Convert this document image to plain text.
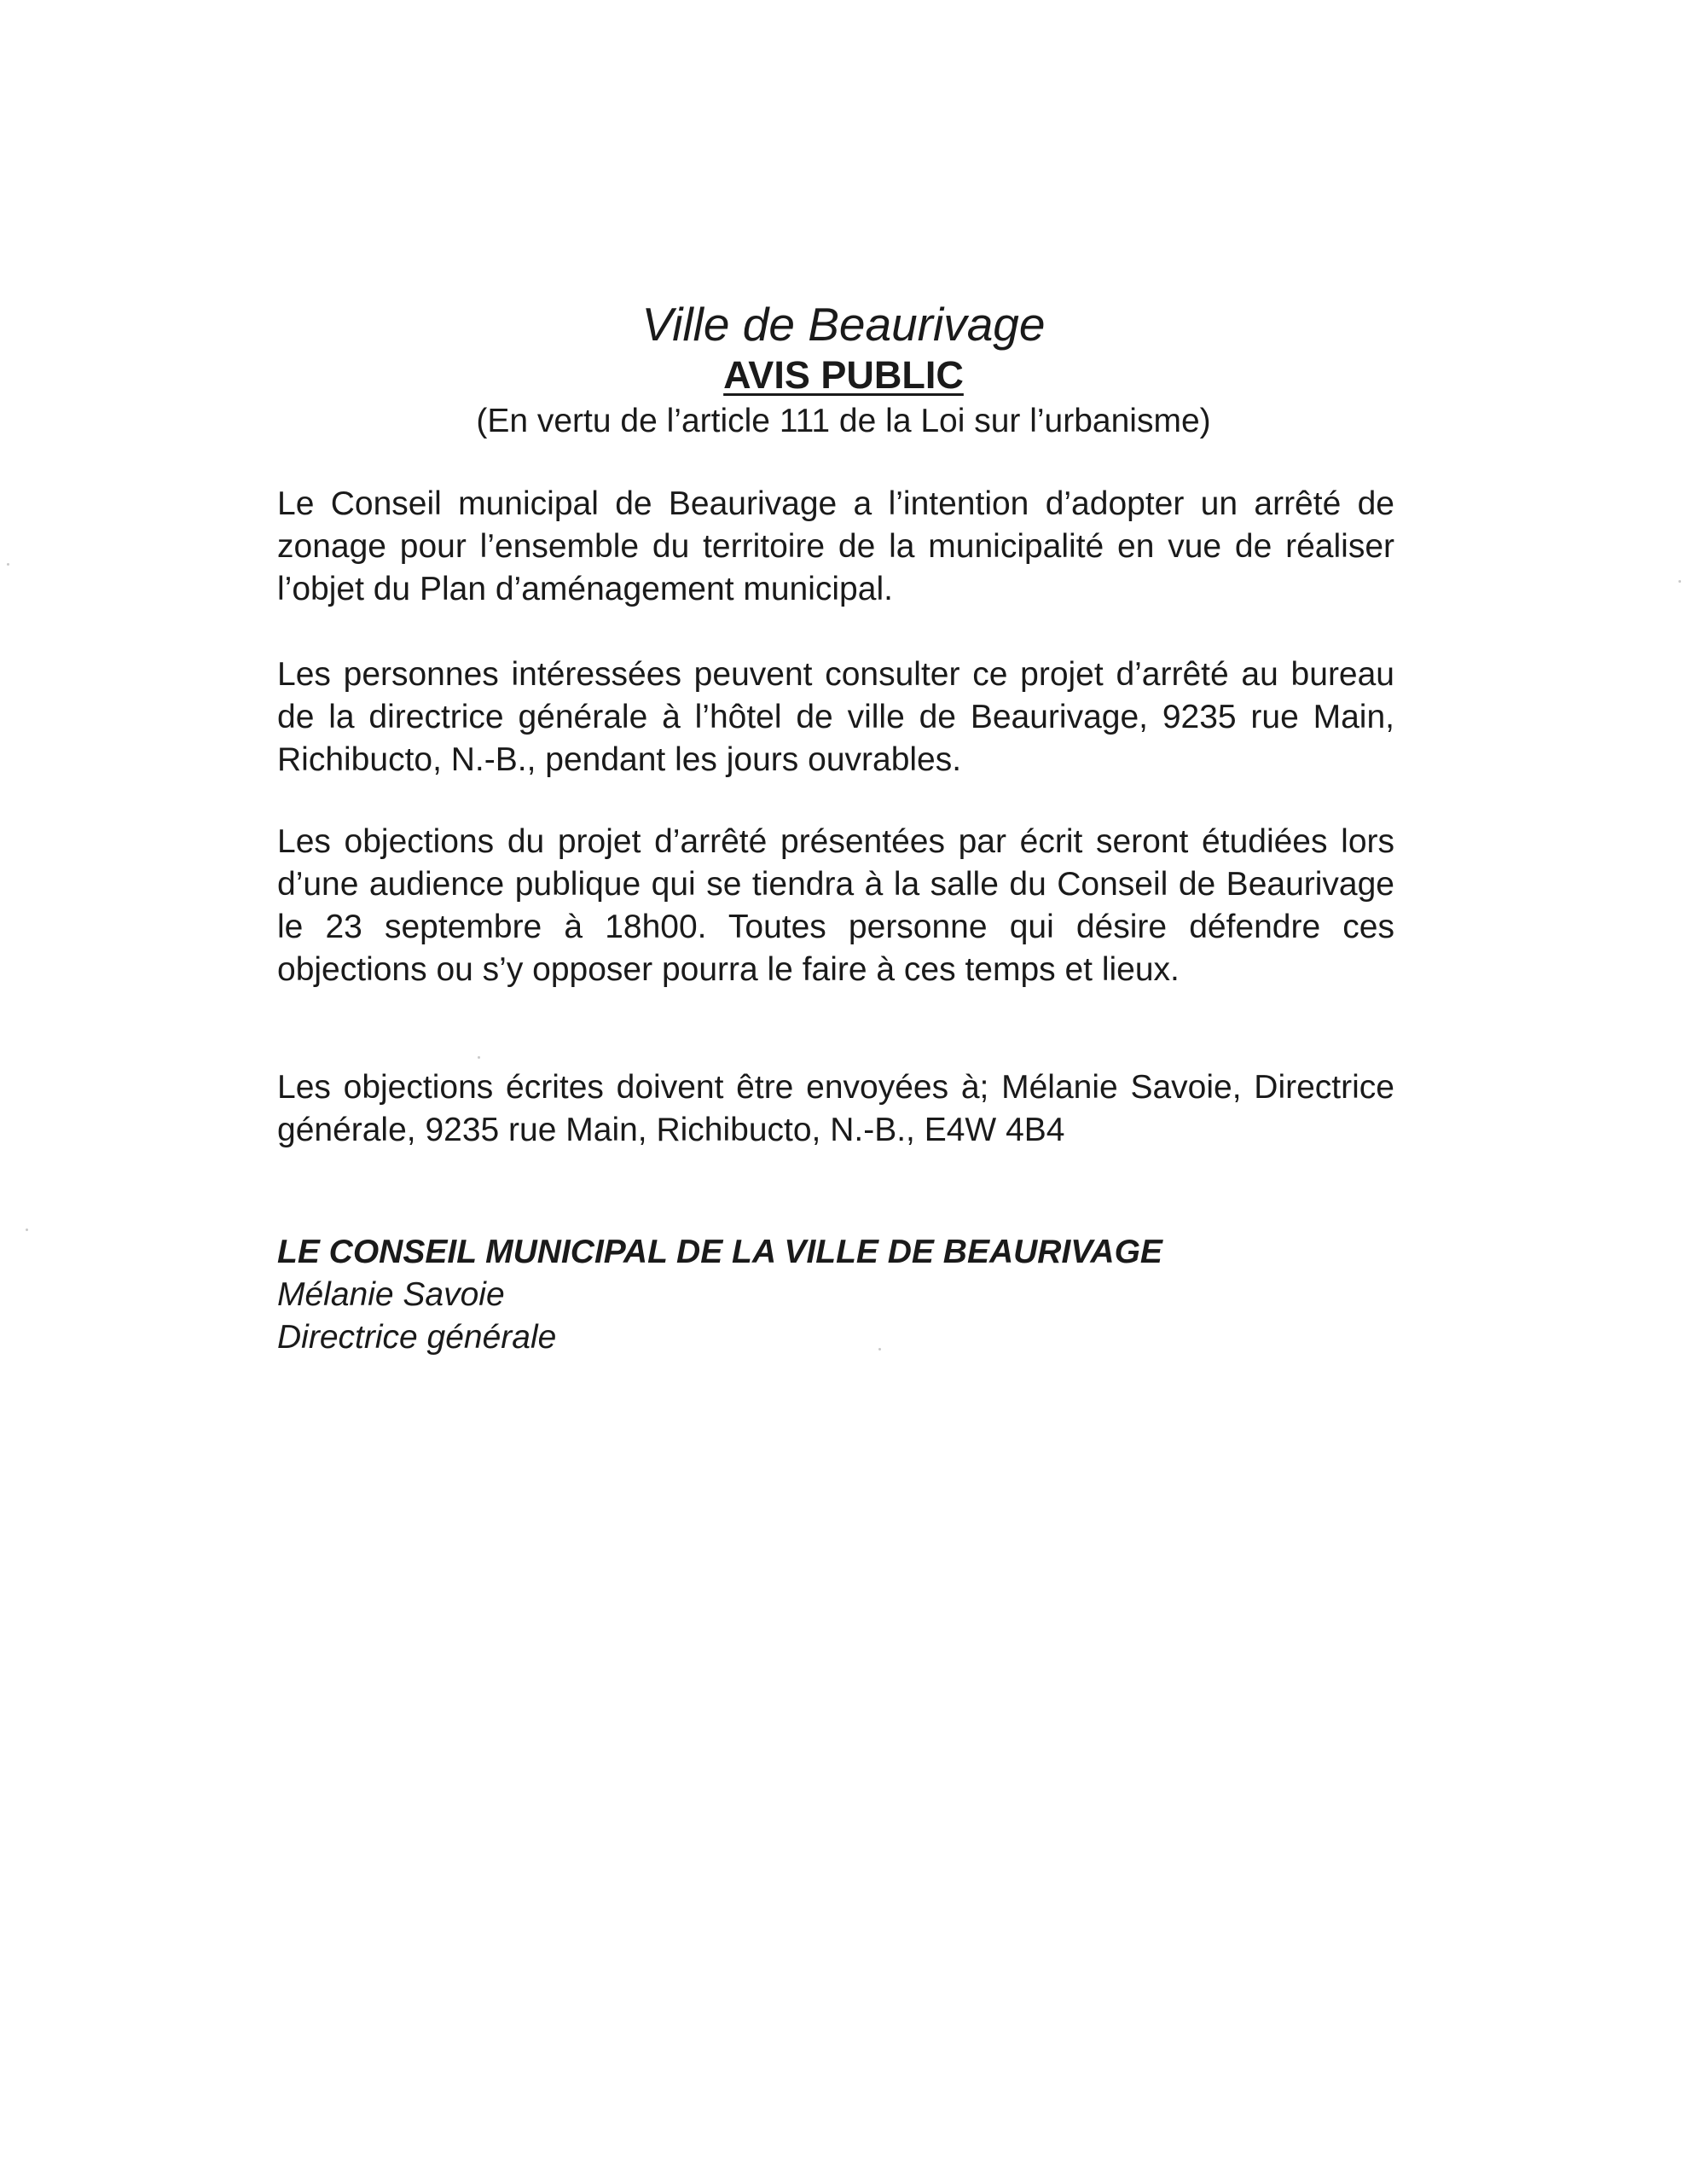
Ville de Beaurivage
AVIS PUBLIC
(En vertu de l’article 111 de la Loi sur l’urbanisme)

Le Conseil municipal de Beaurivage a l’intention d’adopter un arrêté de zonage pour l’ensemble du territoire de la municipalité en vue de réaliser l’objet du Plan d’aménagement municipal.

Les personnes intéressées peuvent consulter ce projet d’arrêté au bureau de la directrice générale à l’hôtel de ville de Beaurivage, 9235 rue Main, Richibucto, N.-B., pendant les jours ouvrables.

Les objections du projet d’arrêté présentées par écrit seront étudiées lors d’une audience publique qui se tiendra à la salle du Conseil de Beaurivage le 23 septembre à 18h00. Toutes personne qui désire défendre ces objections ou s’y opposer pourra le faire à ces temps et lieux.

Les objections écrites doivent être envoyées à; Mélanie Savoie, Directrice générale, 9235 rue Main, Richibucto, N.-B., E4W 4B4

LE CONSEIL MUNICIPAL DE LA VILLE DE BEAURIVAGE
Mélanie Savoie
Directrice générale
